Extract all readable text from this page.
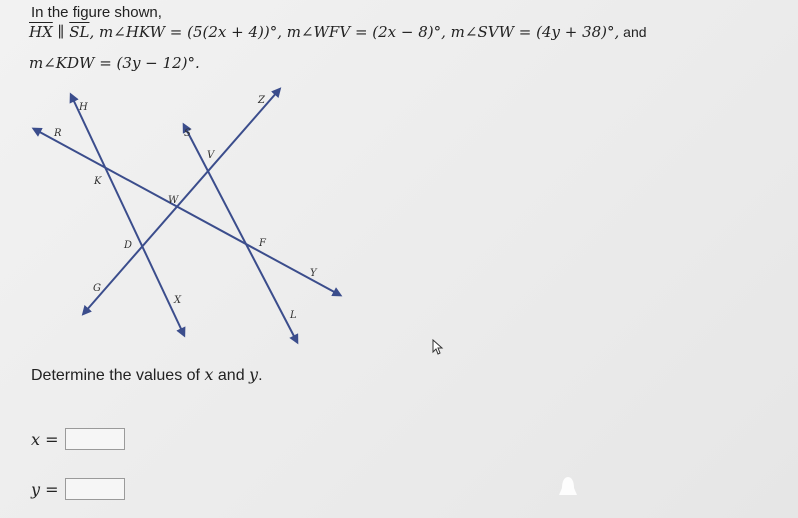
In the figure shown,
$\overline{HX}$ ∥ $\overline{SL}$, m∠HKW = (5(2x + 4))°, m∠WFV = (2x − 8)°, m∠SVW = (4y + 38)°, and
m∠KDW = (3y − 12)°.
H
R
K
W
D
G
X
Z
S
V
F
Y
L
Determine the values of x and y.
x =
y =
